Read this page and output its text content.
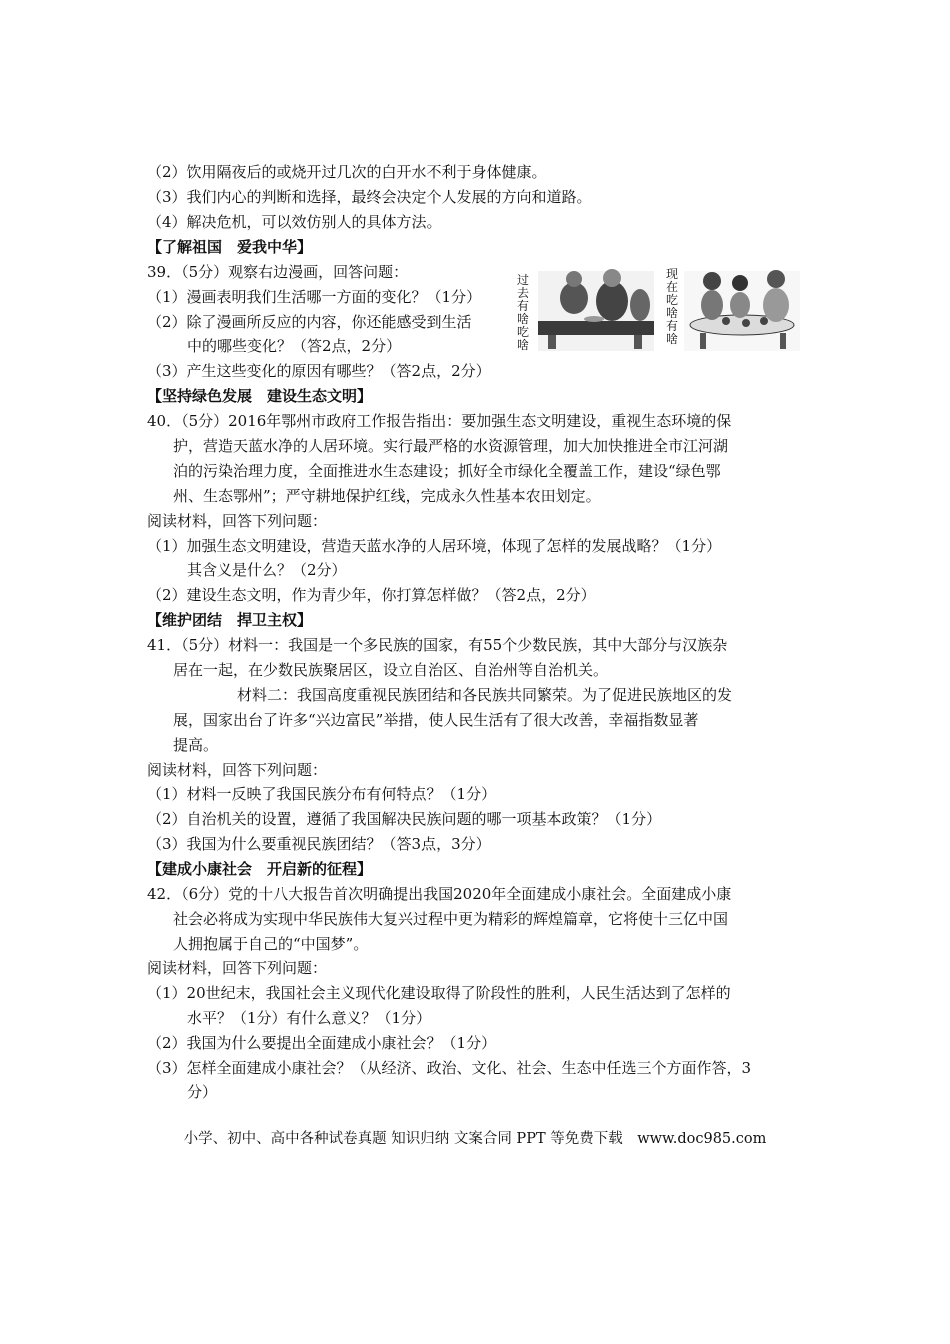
（2）饮用隔夜后的或烧开过几次的白开水不利于身体健康。
（3）我们内心的判断和选择，最终会决定个人发展的方向和道路。
（4）解决危机，可以效仿别人的具体方法。
【了解祖国　爱我中华】
39．（5分）观察右边漫画，回答问题：
（1）漫画表明我们生活哪一方面的变化？（1分）
（2）除了漫画所反应的内容，你还能感受到生活
中的哪些变化？（答2点，2分）
（3）产生这些变化的原因有哪些？（答2点，2分）
过去有啥吃啥
现在吃啥有啥
【坚持绿色发展　建设生态文明】
40．（5分）2016年鄂州市政府工作报告指出：要加强生态文明建设，重视生态环境的保
护，营造天蓝水净的人居环境。实行最严格的水资源管理，加大加快推进全市江河湖
泊的污染治理力度，全面推进水生态建设；抓好全市绿化全覆盖工作，建设“绿色鄂
州、生态鄂州”；严守耕地保护红线，完成永久性基本农田划定。
阅读材料，回答下列问题：
（1）加强生态文明建设，营造天蓝水净的人居环境，体现了怎样的发展战略？（1分）
其含义是什么？（2分）
（2）建设生态文明，作为青少年，你打算怎样做？（答2点，2分）
【维护团结　捍卫主权】
41．（5分）材料一：我国是一个多民族的国家，有55个少数民族，其中大部分与汉族杂
居在一起，在少数民族聚居区，设立自治区、自治州等自治机关。
材料二：我国高度重视民族团结和各民族共同繁荣。为了促进民族地区的发
展，国家出台了许多“兴边富民”举措，使人民生活有了很大改善，幸福指数显著
提高。
阅读材料，回答下列问题：
（1）材料一反映了我国民族分布有何特点？（1分）
（2）自治机关的设置，遵循了我国解决民族问题的哪一项基本政策？（1分）
（3）我国为什么要重视民族团结？（答3点，3分）
【建成小康社会　开启新的征程】
42．（6分）党的十八大报告首次明确提出我国2020年全面建成小康社会。全面建成小康
社会必将成为实现中华民族伟大复兴过程中更为精彩的辉煌篇章，它将使十三亿中国
人拥抱属于自己的“中国梦”。
阅读材料，回答下列问题：
（1）20世纪末，我国社会主义现代化建设取得了阶段性的胜利，人民生活达到了怎样的
水平？（1分）有什么意义？（1分）
（2）我国为什么要提出全面建成小康社会？（1分）
（3）怎样全面建成小康社会？（从经济、政治、文化、社会、生态中任选三个方面作答，3
分）
小学、初中、高中各种试卷真题 知识归纳 文案合同 PPT 等免费下载　www.doc985.com
